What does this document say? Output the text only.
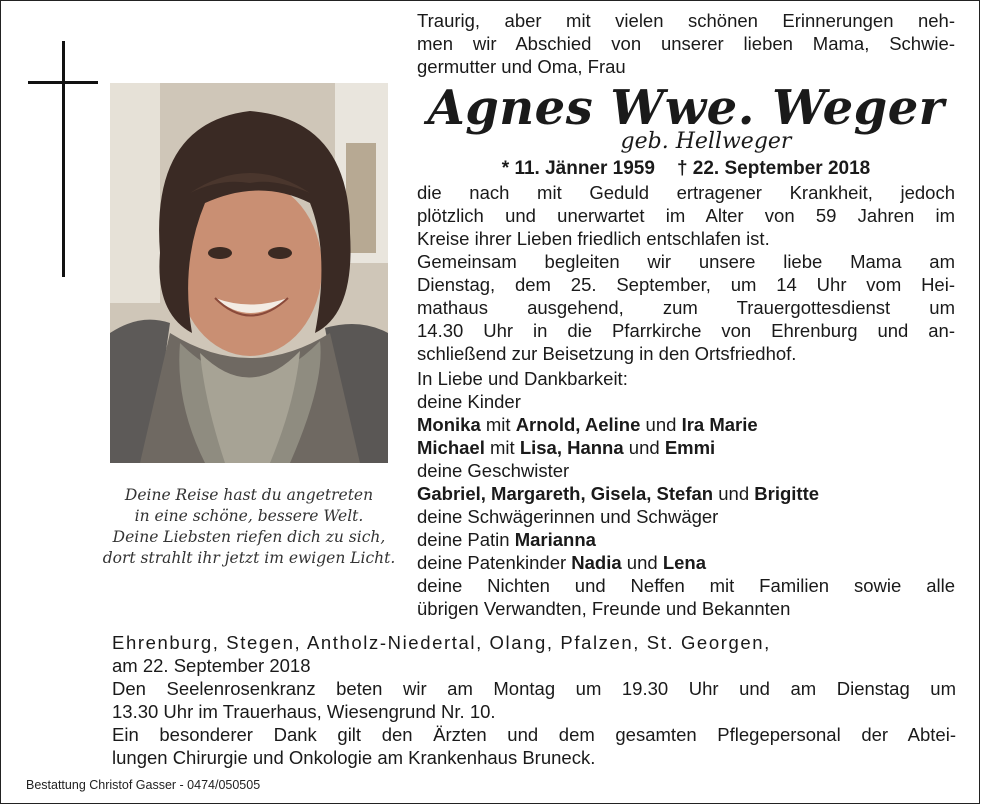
Deine Reise hast du angetreten
in eine schöne, bessere Welt.
Deine Liebsten riefen dich zu sich,
dort strahlt ihr jetzt im ewigen Licht.
Traurig, aber mit vielen schönen Erinnerungen neh-
men wir Abschied von unserer lieben Mama, Schwie-
germutter und Oma, Frau
Agnes Wwe. Weger
geb. Hellweger
* 11. Jänner 1959 † 22. September 2018
die nach mit Geduld ertragener Krankheit, jedoch
plötzlich und unerwartet im Alter von 59 Jahren im
Kreise ihrer Lieben friedlich entschlafen ist.
Gemeinsam begleiten wir unsere liebe Mama am
Dienstag, dem 25. September, um 14 Uhr vom Hei-
mathaus ausgehend, zum Trauergottesdienst um
14.30 Uhr in die Pfarrkirche von Ehrenburg und an-
schließend zur Beisetzung in den Ortsfriedhof.
In Liebe und Dankbarkeit:
deine Kinder
Monika mit Arnold, Aeline und Ira Marie
Michael mit Lisa, Hanna und Emmi
deine Geschwister
Gabriel, Margareth, Gisela, Stefan und Brigitte
deine Schwägerinnen und Schwäger
deine Patin Marianna
deine Patenkinder Nadia und Lena
deine Nichten und Neffen mit Familien sowie alle
übrigen Verwandten, Freunde und Bekannten
Ehrenburg, Stegen, Antholz-Niedertal, Olang, Pfalzen, St. Georgen,
am 22. September 2018
Den Seelenrosenkranz beten wir am Montag um 19.30 Uhr und am Dienstag um
13.30 Uhr im Trauerhaus, Wiesengrund Nr. 10.
Ein besonderer Dank gilt den Ärzten und dem gesamten Pflegepersonal der Abtei-
lungen Chirurgie und Onkologie am Krankenhaus Bruneck.
Bestattung Christof Gasser - 0474/050505
